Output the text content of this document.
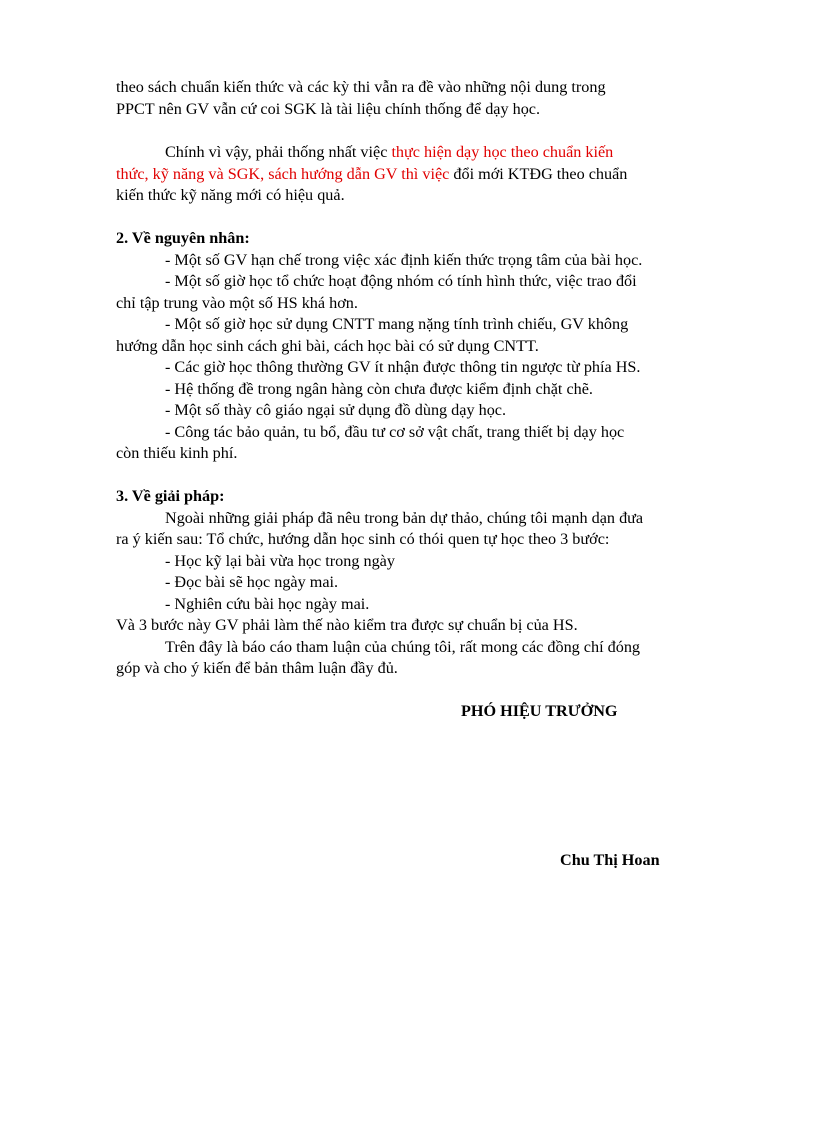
theo sách chuẩn kiến thức và các kỳ thi vẫn ra đề vào những nội dung trong

PPCT nên GV vẫn cứ coi SGK là tài liệu chính thống để dạy học.

Chính vì vậy, phải thống nhất việc thực hiện dạy học theo chuẩn kiến

thức, kỹ năng và SGK, sách hướng dẫn GV thì việc đổi mới KTĐG theo chuẩn

kiến thức kỹ năng mới có hiệu quả.

2. Về nguyên nhân:

- Một số GV hạn chế trong việc xác định kiến thức trọng tâm của bài học.

- Một số giờ học tổ chức hoạt động nhóm có tính hình thức, việc trao đổi

chỉ tập trung vào một số HS khá hơn.

- Một số giờ học sử dụng CNTT mang nặng tính trình chiếu, GV không

hướng dẫn học sinh cách ghi bài, cách học bài có sử dụng CNTT.

- Các giờ học thông thường GV ít nhận được thông tin ngược từ phía HS.

- Hệ thống đề trong ngân hàng còn chưa được kiểm định chặt chẽ.

- Một số thày cô giáo ngại sử dụng đồ dùng dạy học.

- Công tác bảo quản, tu bổ, đầu tư cơ sở vật chất, trang thiết bị dạy học

còn thiếu kinh phí.

3. Về giải pháp:

Ngoài những giải pháp đã nêu trong bản dự thảo, chúng tôi mạnh dạn đưa

ra ý kiến sau: Tổ chức, hướng dẫn học sinh có thói quen tự học theo 3 bước:

- Học kỹ lại bài vừa học trong ngày

- Đọc bài sẽ học ngày mai.

- Nghiên cứu bài học ngày mai.

Và 3 bước này GV phải làm thế nào kiểm tra được sự chuẩn bị của HS.

Trên đây là báo cáo tham luận của chúng tôi, rất mong các đồng chí đóng

góp và cho ý kiến để bản thâm luận đầy đủ.

PHÓ HIỆU TRƯỞNG

Chu Thị Hoan
